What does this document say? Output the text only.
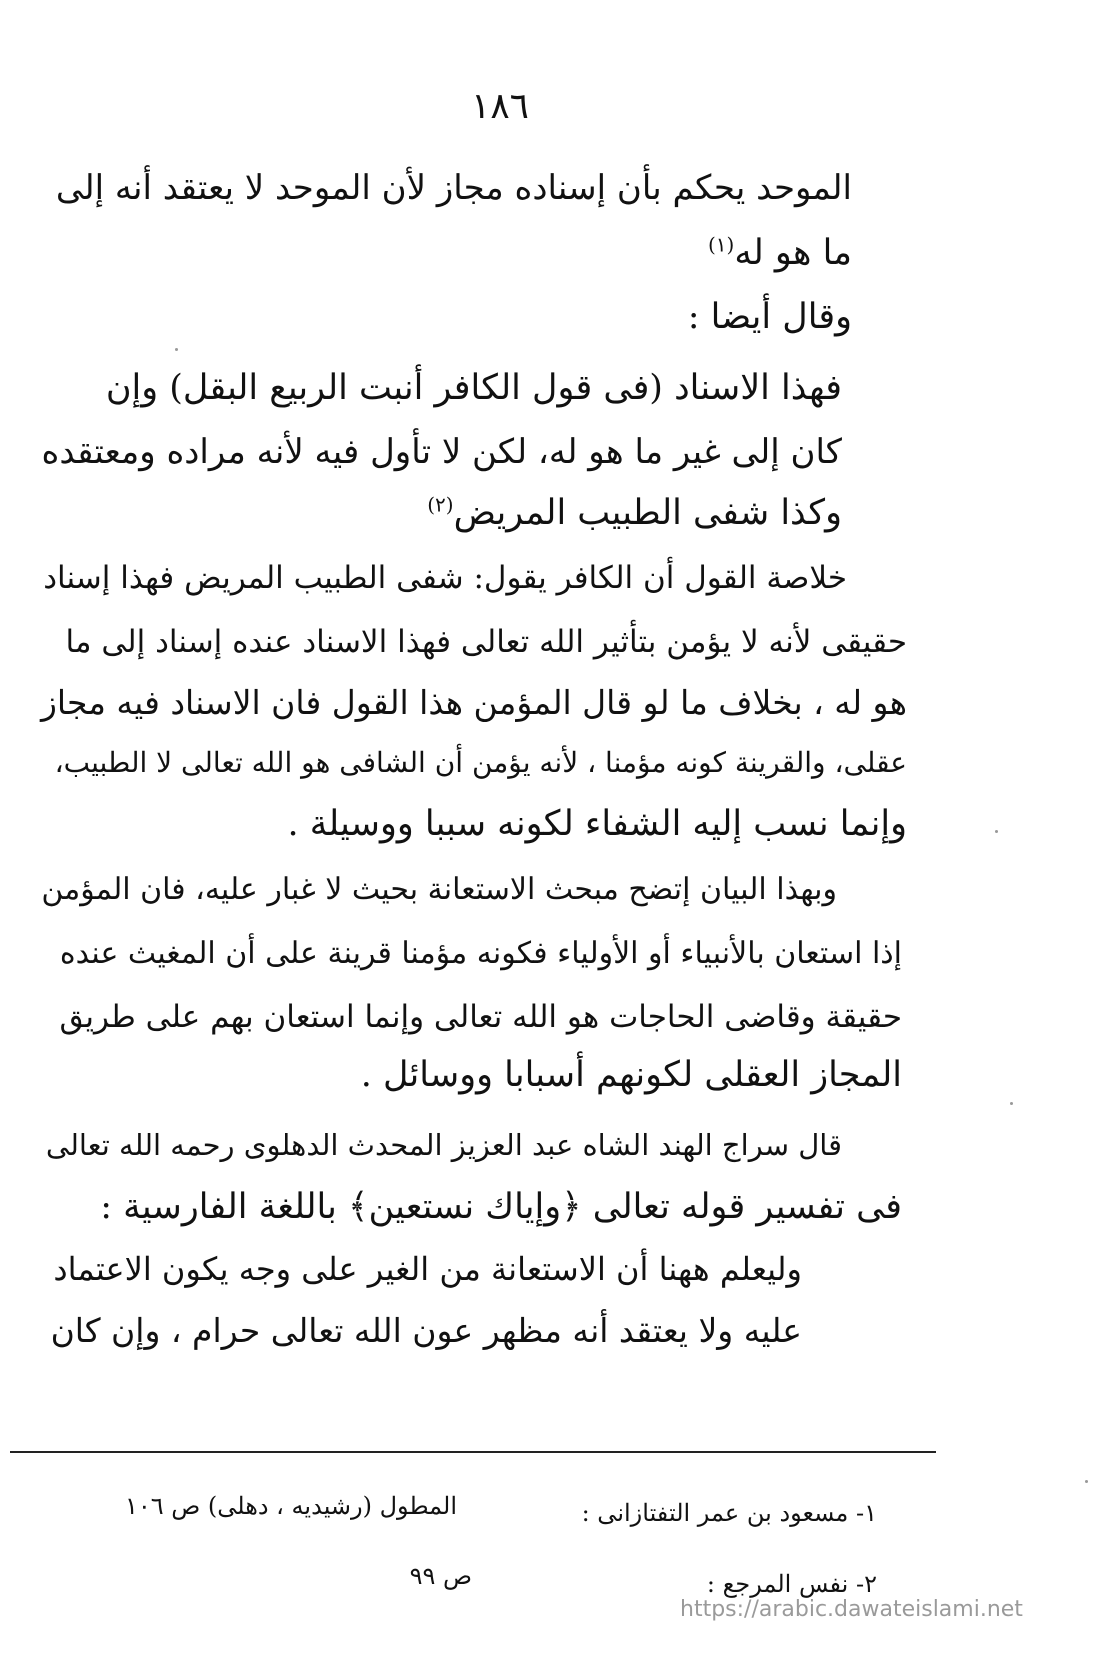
١٨٦
الموحد يحكم بأن إسناده مجاز لأن الموحد لا يعتقد أنه إلى
ما هو له$^{(١)}$
وقال أيضا :
فهذا الاسناد (فى قول الكافر أنبت الربيع البقل) وإن
كان إلى غير ما هو له، لكن لا تأول فيه لأنه مراده ومعتقده
وكذا شفى الطبيب المريض$^{(٢)}$
خلاصة القول أن الكافر يقول: شفى الطبيب المريض فهذا إسناد
حقيقى لأنه لا يؤمن بتأثير الله تعالى فهذا الاسناد عنده إسناد إلى ما
هو له ، بخلاف ما لو قال المؤمن هذا القول فان الاسناد فيه مجاز
عقلى، والقرينة كونه مؤمنا ، لأنه يؤمن أن الشافى هو الله تعالى لا الطبيب،
وإنما نسب إليه الشفاء لكونه سببا ووسيلة .
وبهذا البيان إتضح مبحث الاستعانة بحيث لا غبار عليه، فان المؤمن
إذا استعان بالأنبياء أو الأولياء فكونه مؤمنا قرينة على أن المغيث عنده
حقيقة وقاضى الحاجات هو الله تعالى وإنما استعان بهم على طريق
المجاز العقلى لكونهم أسبابا ووسائل .
قال سراج الهند الشاه عبد العزيز المحدث الدهلوى رحمه الله تعالى
فى تفسير قوله تعالى ﴿وإياك نستعين﴾ باللغة الفارسية :
وليعلم ههنا أن الاستعانة من الغير على وجه يكون الاعتماد
عليه ولا يعتقد أنه مظهر عون الله تعالى حرام ، وإن كان
١- مسعود بن عمر التفتازانى :
المطول (رشيديه ، دهلى) ص ١٠٦
٢- نفس المرجع :
ص ٩٩
https://arabic.dawateislami.net
